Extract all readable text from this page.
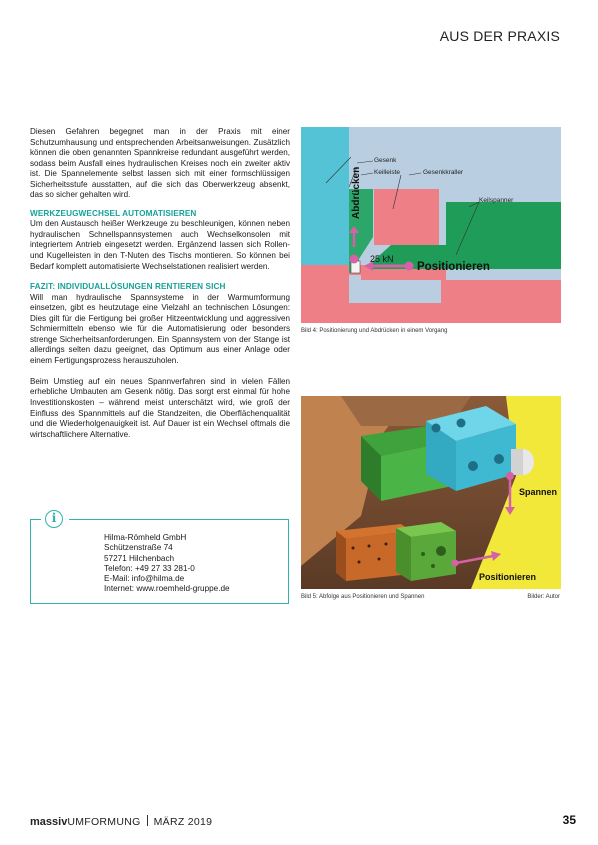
AUS DER PRAXIS

Diesen Gefahren begegnet man in der Praxis mit einer Schutzumhausung und entsprechenden Arbeitsanweisungen. Zusätzlich können die oben genannten Spannkreise redundant ausgeführt werden, sodass beim Ausfall eines hydraulischen Kreises noch ein zweiter aktiv ist. Die Spannelemente selbst lassen sich mit einer formschlüssigen Sicherheitsstufe ausstatten, auf die sich das Oberwerkzeug absenkt, das so sicher gehalten wird.

WERKZEUGWECHSEL AUTOMATISIEREN

Um den Austausch heißer Werkzeuge zu beschleunigen, können neben hydraulischen Schnellspannsystemen auch Wechselkonsolen mit integriertem Antrieb eingesetzt werden. Ergänzend lassen sich Rollen- und Kugelleisten in den T-Nuten des Tischs montieren. So können bei Bedarf komplett automatisierte Wechselstationen realisiert werden.

FAZIT: INDIVIDUALLÖSUNGEN RENTIEREN SICH

Will man hydraulische Spannsysteme in der Warmumformung einsetzen, gibt es heutzutage eine Vielzahl an technischen Lösungen: Dies gilt für die Fertigung bei großer Hitzeentwicklung und aggressiven Schmiermitteln ebenso wie für die Automatisierung oder besonders strenge Sicherheitsanforderungen. Ein Spannsystem von der Stange ist allerdings selten dazu geeignet, das Optimum aus einer Anlage oder einem Fertigungsprozess herauszuholen.

Beim Umstieg auf ein neues Spannverfahren sind in vielen Fällen erhebliche Umbauten am Gesenk nötig. Das sorgt erst einmal für hohe Investitionskosten – während meist unterschätzt wird, wie groß der Einfluss des Spannmittels auf die Standzeiten, die Oberflächenqualität und die Wiederholgenauigkeit ist. Auf Dauer ist ein Wechsel oftmals die wirtschaftlichere Alternative.

i
Hilma-Römheld GmbH
Schützenstraße 74
57271 Hilchenbach
Telefon: +49 27 33 281-0
E-Mail: info@hilma.de
Internet: www.roemheld-gruppe.de
Gesenk
Keilleiste	Gesenkkraller
Keilspanner
Abdrücken
25 kN
Positionieren
Bild 4: Positionierung und Abdrücken in einem Vorgang
Spannen
Positionieren
Bild 5: Abfolge aus Positionieren und Spannen	Bilder: Autor
massivUMFORMUNG MÄRZ 2019	35
